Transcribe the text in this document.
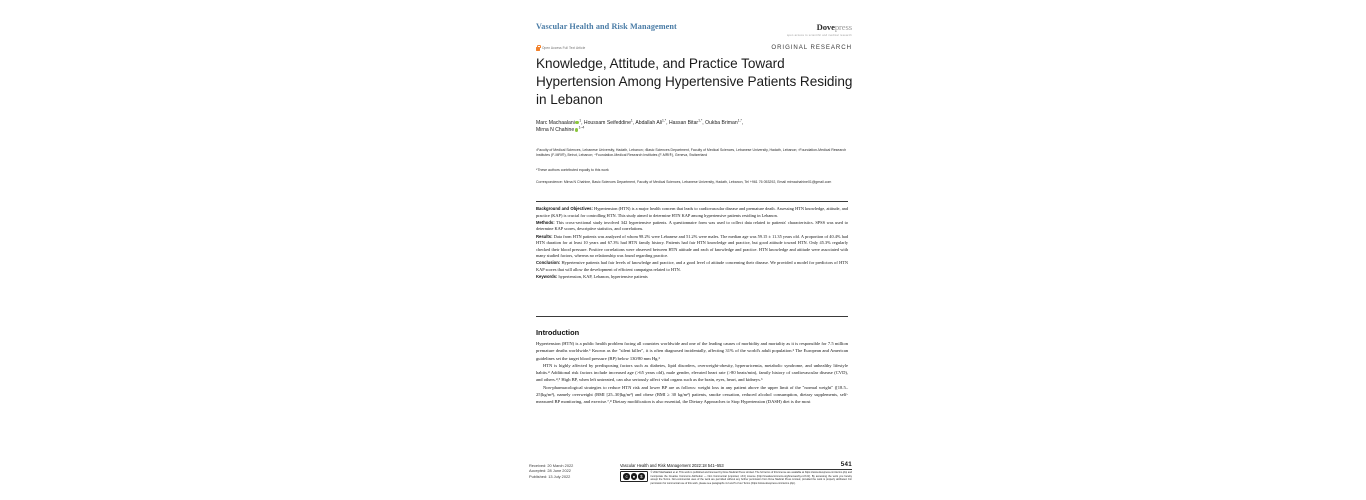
Vascular Health and Risk Management	Dovepress
open access to scientific and medical research
Open Access Full Text Article	ORIGINAL RESEARCH
Knowledge, Attitude, and Practice Toward Hypertension Among Hypertensive Patients Residing in Lebanon
Marc Machaalani $^1$, Houssam Seifeddine$^1$, Abdallah Ali$^{1,*}$, Hassan Bitar$^{1,*}$, Oukba Briman$^{1,*}$,
Mirna N Chahine $^{1-4}$
¹Faculty of Medical Sciences, Lebanese University, Hadath, Lebanon; ²Basic Sciences Department, Faculty of Medical Sciences, Lebanese University, Hadath, Lebanon; ³Foundation-Medical Research Institutes (F-MRI®), Beirut, Lebanon; ⁴Foundation-Medical Research Institutes (F-MRI®), Geneva, Switzerland
*These authors contributed equally to this work
Correspondence: Mirna N Chahine, Basic Sciences Department, Faculty of Medical Sciences, Lebanese University, Hadath, Lebanon, Tel +961 76 053292, Email mirnachahine01@gmail.com

Background and Objectives: Hypertension (HTN) is a major health concern that leads to cardiovascular disease and premature death. Assessing HTN knowledge, attitude, and practice (KAP) is crucial for controlling HTN. This study aimed to determine HTN KAP among hypertensive patients residing in Lebanon.

Methods: This cross-sectional study involved 342 hypertensive patients. A questionnaire form was used to collect data related to patients' characteristics. SPSS was used to determine KAP scores, descriptive statistics, and correlations.

Results: Data from HTN patients was analyzed of whom 98.2% were Lebanese and 51.2% were males. The median age was 59.15 ± 11.35 years old. A proportion of 40.4% had HTN duration for at least 10 years and 67.3% had HTN family history. Patients had fair HTN knowledge and practice, but good attitude toward HTN. Only 45.3% regularly checked their blood pressure. Positive correlations were observed between HTN attitude and each of knowledge and practice. HTN knowledge and attitude were associated with many studied factors, whereas no relationship was found regarding practice.

Conclusion: Hypertensive patients had fair levels of knowledge and practice, and a good level of attitude concerning their disease. We provided a model for predictors of HTN KAP scores that will allow the development of efficient campaigns related to HTN.

Keywords: hypertension, KAP, Lebanon, hypertensive patients

Introduction

Hypertension (HTN) is a public health problem facing all countries worldwide and one of the leading causes of morbidity and mortality as it is responsible for 7.5 million premature deaths worldwide.¹ Known as the "silent killer", it is often diagnosed incidentally, affecting 31% of the world's adult population.² The European and American guidelines set the target blood pressure (BP) below 130/80 mm Hg.³

HTN is highly affected by predisposing factors such as diabetes, lipid disorders, overweight-obesity, hyperuricemia, metabolic syndrome, and unhealthy lifestyle habits.⁴ Additional risk factors include increased age (>65 years old), male gender, elevated heart rate (>80 beats/min), family history of cardiovascular disease (CVD), and others.⁴,⁵ High BP, when left untreated, can also seriously affect vital organs such as the brain, eyes, heart, and kidneys.⁶

Non-pharmacological strategies to reduce HTN risk and lower BP are as follows: weight loss in any patient above the upper limit of the "normal weight" ([18.5–25]kg/m²), namely overweight (BMI [25–30]kg/m²) and obese (BMI ≥ 30 kg/m²) patients, smoke cessation, reduced alcohol consumption, dietary supplements, self-measured BP monitoring, and exercise.⁷,⁸ Dietary modification is also essential, the Dietary Approaches to Stop Hypertension (DASH) diet is the most

Received: 20 March 2022
Accepted: 28 June 2022
Published: 13 July 2022
Vascular Health and Risk Management 2022:18 541–553	541
c	●	$
© 2022 Machaalani et al. This work is published and licensed by Dove Medical Press Limited. The full terms of this license are available at https://www.dovepress.com/terms.php and incorporate the Creative Commons Attribution — Non Commercial (unported, v3.0) License (http://creativecommons.org/licenses/by-nc/3.0/). By accessing the work you hereby accept the Terms. Non-commercial uses of the work are permitted without any further permission from Dove Medical Press Limited, provided the work is properly attributed. For permission for commercial use of this work, please see paragraphs 4.2 and 5 of our Terms (https://www.dovepress.com/terms.php).
